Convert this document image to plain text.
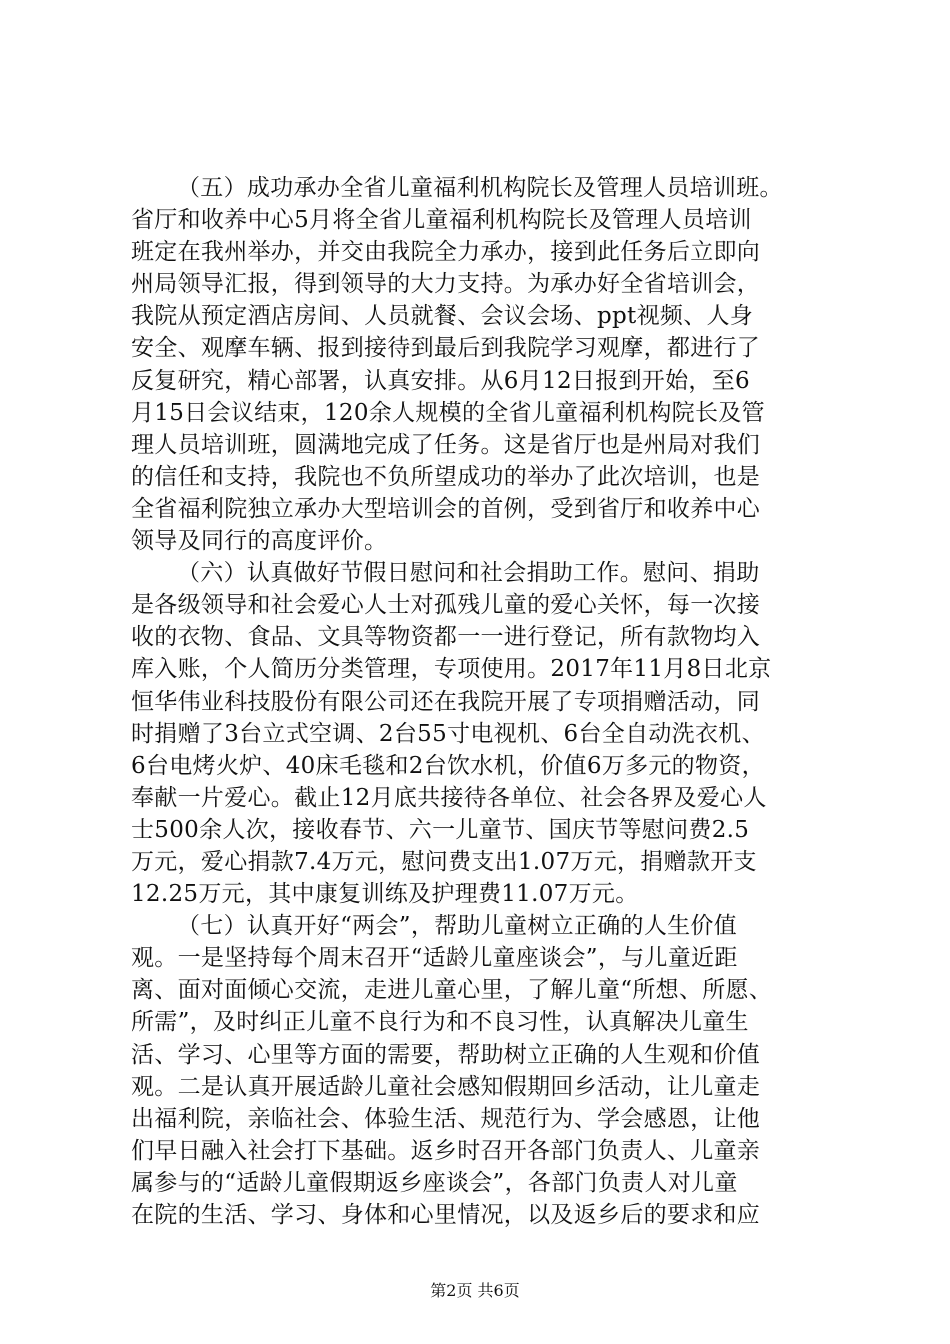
（五）成功承办全省儿童福利机构院长及管理人员培训班。
省厅和收养中心5月将全省儿童福利机构院长及管理人员培训
班定在我州举办，并交由我院全力承办，接到此任务后立即向
州局领导汇报，得到领导的大力支持。为承办好全省培训会，
我院从预定酒店房间、人员就餐、会议会场、ppt视频、人身
安全、观摩车辆、报到接待到最后到我院学习观摩，都进行了
反复研究，精心部署，认真安排。从6月12日报到开始，至6
月15日会议结束，120余人规模的全省儿童福利机构院长及管
理人员培训班，圆满地完成了任务。这是省厅也是州局对我们
的信任和支持，我院也不负所望成功的举办了此次培训，也是
全省福利院独立承办大型培训会的首例，受到省厅和收养中心
领导及同行的高度评价。
（六）认真做好节假日慰问和社会捐助工作。慰问、捐助
是各级领导和社会爱心人士对孤残儿童的爱心关怀，每一次接
收的衣物、食品、文具等物资都一一进行登记，所有款物均入
库入账，个人简历分类管理，专项使用。2017年11月8日北京
恒华伟业科技股份有限公司还在我院开展了专项捐赠活动，同
时捐赠了3台立式空调、2台55寸电视机、6台全自动洗衣机、
6台电烤火炉、40床毛毯和2台饮水机，价值6万多元的物资，
奉献一片爱心。截止12月底共接待各单位、社会各界及爱心人
士500余人次，接收春节、六一儿童节、国庆节等慰问费2.5
万元，爱心捐款7.4万元，慰问费支出1.07万元，捐赠款开支
12.25万元，其中康复训练及护理费11.07万元。
（七）认真开好“两会”，帮助儿童树立正确的人生价值
观。一是坚持每个周末召开“适龄儿童座谈会”，与儿童近距
离、面对面倾心交流，走进儿童心里，了解儿童“所想、所愿、
所需”，及时纠正儿童不良行为和不良习性，认真解决儿童生
活、学习、心里等方面的需要，帮助树立正确的人生观和价值
观。二是认真开展适龄儿童社会感知假期回乡活动，让儿童走
出福利院，亲临社会、体验生活、规范行为、学会感恩，让他
们早日融入社会打下基础。返乡时召开各部门负责人、儿童亲
属参与的“适龄儿童假期返乡座谈会”，各部门负责人对儿童
在院的生活、学习、身体和心里情况，以及返乡后的要求和应
第2页 共6页
